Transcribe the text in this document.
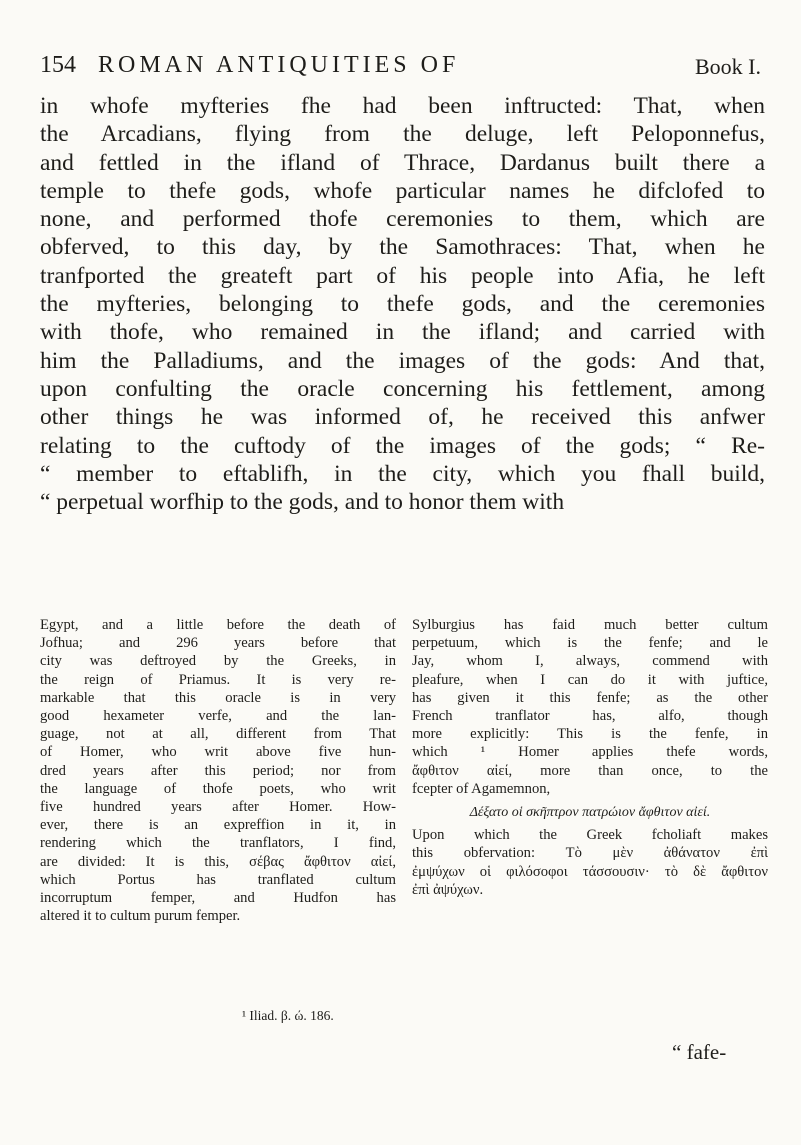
154 ROMAN ANTIQUITIES OF	Book I.

in whofe myfteries fhe had been inftructed: That, when

the Arcadians, flying from the deluge, left Peloponnefus,

and fettled in the ifland of Thrace, Dardanus built there a

temple to thefe gods, whofe particular names he difclofed to

none, and performed thofe ceremonies to them, which are

obferved, to this day, by the Samothraces: That, when he

tranfported the greateft part of his people into Afia, he left

the myfteries, belonging to thefe gods, and the ceremonies

with thofe, who remained in the ifland; and carried with

him the Palladiums, and the images of the gods: And that,

upon confulting the oracle concerning his fettlement, among

other things he was informed of, he received this anfwer

relating to the cuftody of the images of the gods; “ Re-

“ member to eftablifh, in the city, which you fhall build,

“ perpetual worfhip to the gods, and to honor them with

Egypt, and a little before the death of

Jofhua; and 296 years before that

city was deftroyed by the Greeks, in

the reign of Priamus. It is very re-

markable that this oracle is in very

good hexameter verfe, and the lan-

guage, not at all, different from That

of Homer, who writ above five hun-

dred years after this period; nor from

the language of thofe poets, who writ

five hundred years after Homer. How-

ever, there is an expreffion in it, in

rendering which the tranflators, I find,

are divided: It is this, σέβας ἄφθιτον αἰεί,

which Portus has tranflated cultum

incorruptum femper, and Hudfon has

altered it to cultum purum femper.

Sylburgius has faid much better cultum

perpetuum, which is the fenfe; and le

Jay, whom I, always, commend with

pleafure, when I can do it with juftice,

has given it this fenfe; as the other

French tranflator has, alfo, though

more explicitly: This is the fenfe, in

which ¹ Homer applies thefe words,

ἄφθιτον αἰεί, more than once, to the

fcepter of Agamemnon,

Δέξατο οἱ σκῆπτρον πατρώιον ἄφθιτον αἰεί.

Upon which the Greek fcholiaft makes

this obfervation: Τὸ μὲν ἀθάνατον ἐπὶ

ἐμψύχων οἱ φιλόσοφοι τάσσουσιν· τὸ δὲ ἄφθιτον

ἐπὶ ἀψύχων.

¹ Iliad. β. ώ. 186.
“ fafe-
